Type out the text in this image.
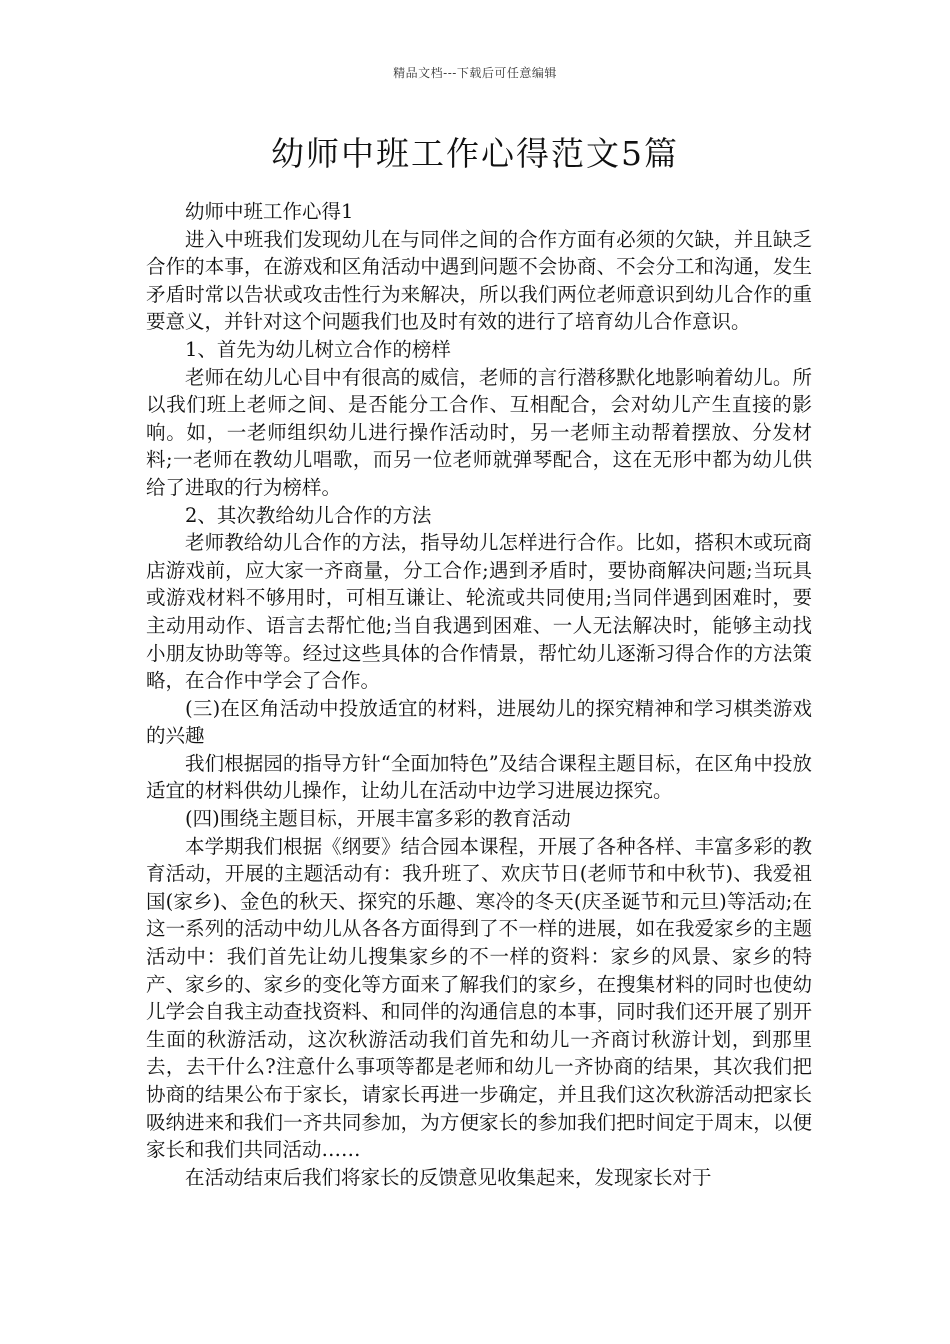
精品文档---下载后可任意编辑
幼师中班工作心得范文5篇

幼师中班工作心得1

进入中班我们发现幼儿在与同伴之间的合作方面有必须的欠缺，并且缺乏合作的本事，在游戏和区角活动中遇到问题不会协商、不会分工和沟通，发生矛盾时常以告状或攻击性行为来解决，所以我们两位老师意识到幼儿合作的重要意义，并针对这个问题我们也及时有效的进行了培育幼儿合作意识。

1、首先为幼儿树立合作的榜样

老师在幼儿心目中有很高的威信，老师的言行潜移默化地影响着幼儿。所以我们班上老师之间、是否能分工合作、互相配合，会对幼儿产生直接的影响。如，一老师组织幼儿进行操作活动时，另一老师主动帮着摆放、分发材料;一老师在教幼儿唱歌，而另一位老师就弹琴配合，这在无形中都为幼儿供给了进取的行为榜样。

2、其次教给幼儿合作的方法

老师教给幼儿合作的方法，指导幼儿怎样进行合作。比如，搭积木或玩商店游戏前，应大家一齐商量，分工合作;遇到矛盾时，要协商解决问题;当玩具或游戏材料不够用时，可相互谦让、轮流或共同使用;当同伴遇到困难时，要主动用动作、语言去帮忙他;当自我遇到困难、一人无法解决时，能够主动找小朋友协助等等。经过这些具体的合作情景，帮忙幼儿逐渐习得合作的方法策略，在合作中学会了合作。

(三)在区角活动中投放适宜的材料，进展幼儿的探究精神和学习棋类游戏的兴趣

我们根据园的指导方针“全面加特色”及结合课程主题目标，在区角中投放适宜的材料供幼儿操作，让幼儿在活动中边学习进展边探究。

(四)围绕主题目标，开展丰富多彩的教育活动

本学期我们根据《纲要》结合园本课程，开展了各种各样、丰富多彩的教育活动，开展的主题活动有：我升班了、欢庆节日(老师节和中秋节)、我爱祖国(家乡)、金色的秋天、探究的乐趣、寒冷的冬天(庆圣诞节和元旦)等活动;在这一系列的活动中幼儿从各各方面得到了不一样的进展，如在我爱家乡的主题活动中：我们首先让幼儿搜集家乡的不一样的资料：家乡的风景、家乡的特产、家乡的、家乡的变化等方面来了解我们的家乡，在搜集材料的同时也使幼儿学会自我主动查找资料、和同伴的沟通信息的本事，同时我们还开展了别开生面的秋游活动，这次秋游活动我们首先和幼儿一齐商讨秋游计划，到那里去，去干什么?注意什么事项等都是老师和幼儿一齐协商的结果，其次我们把协商的结果公布于家长，请家长再进一步确定，并且我们这次秋游活动把家长吸纳进来和我们一齐共同参加，为方便家长的参加我们把时间定于周末，以便家长和我们共同活动……

在活动结束后我们将家长的反馈意见收集起来，发现家长对于
